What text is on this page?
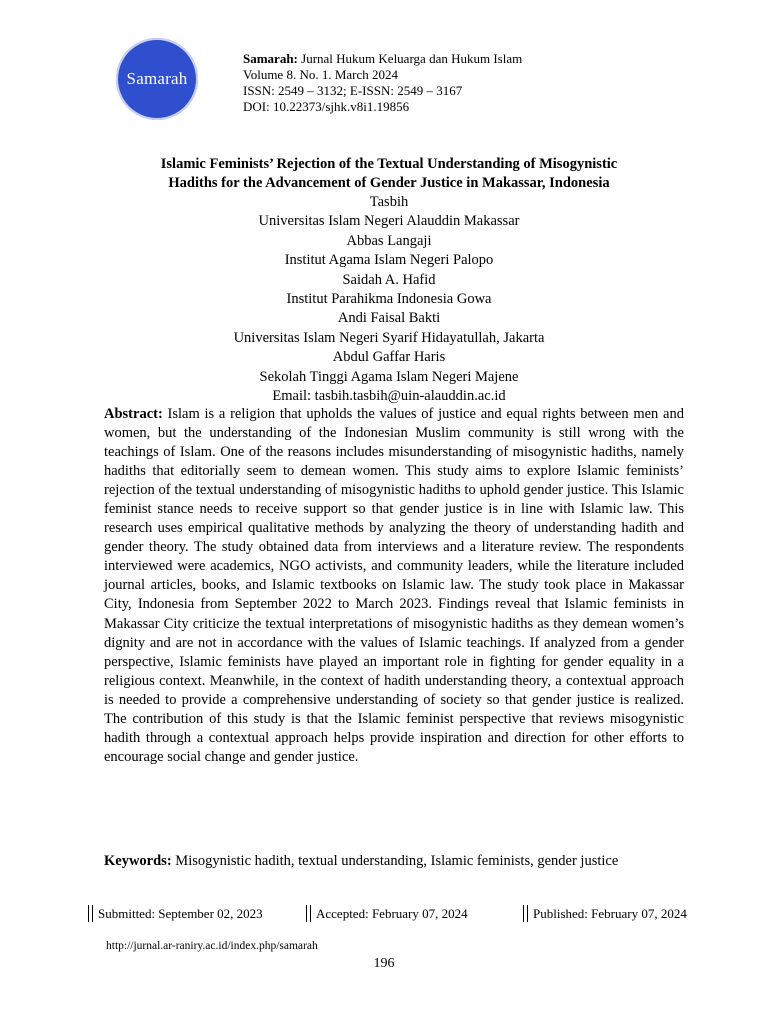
Samarah
Samarah: Jurnal Hukum Keluarga dan Hukum Islam
Volume 8. No. 1. March 2024
ISSN: 2549 – 3132; E-ISSN: 2549 – 3167
DOI: 10.22373/sjhk.v8i1.19856
Islamic Feminists’ Rejection of the Textual Understanding of Misogynistic
Hadiths for the Advancement of Gender Justice in Makassar, Indonesia
Tasbih
Universitas Islam Negeri Alauddin Makassar
Abbas Langaji
Institut Agama Islam Negeri Palopo
Saidah A. Hafid
Institut Parahikma Indonesia Gowa
Andi Faisal Bakti
Universitas Islam Negeri Syarif Hidayatullah, Jakarta
Abdul Gaffar Haris
Sekolah Tinggi Agama Islam Negeri Majene
Email: tasbih.tasbih@uin-alauddin.ac.id
Abstract: Islam is a religion that upholds the values of justice and equal rights between men and women, but the understanding of the Indonesian Muslim community is still wrong with the teachings of Islam. One of the reasons includes misunderstanding of misogynistic hadiths, namely hadiths that editorially seem to demean women. This study aims to explore Islamic feminists’ rejection of the textual understanding of misogynistic hadiths to uphold gender justice. This Islamic feminist stance needs to receive support so that gender justice is in line with Islamic law. This research uses empirical qualitative methods by analyzing the theory of understanding hadith and gender theory. The study obtained data from interviews and a literature review. The respondents interviewed were academics, NGO activists, and community leaders, while the literature included journal articles, books, and Islamic textbooks on Islamic law. The study took place in Makassar City, Indonesia from September 2022 to March 2023. Findings reveal that Islamic feminists in Makassar City criticize the textual interpretations of misogynistic hadiths as they demean women’s dignity and are not in accordance with the values of Islamic teachings. If analyzed from a gender perspective, Islamic feminists have played an important role in fighting for gender equality in a religious context. Meanwhile, in the context of hadith understanding theory, a contextual approach is needed to provide a comprehensive understanding of society so that gender justice is realized. The contribution of this study is that the Islamic feminist perspective that reviews misogynistic hadith through a contextual approach helps provide inspiration and direction for other efforts to encourage social change and gender justice.
Keywords: Misogynistic hadith, textual understanding, Islamic feminists, gender justice
Submitted: September 02, 2023	Accepted: February 07, 2024	Published: February 07, 2024
http://jurnal.ar-raniry.ac.id/index.php/samarah
196
